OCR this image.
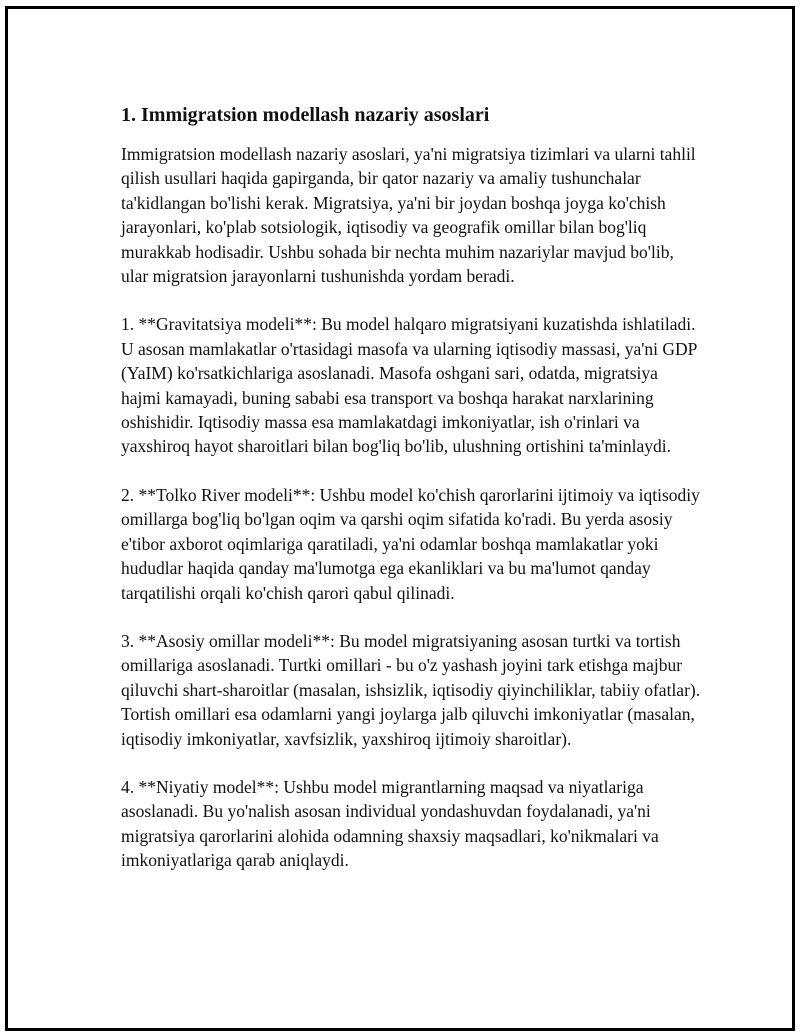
1. Immigratsion modellash nazariy asoslari

Immigratsion modellash nazariy asoslari, ya'ni migratsiya tizimlari va ularni tahlil qilish usullari haqida gapirganda, bir qator nazariy va amaliy tushunchalar ta'kidlangan bo'lishi kerak. Migratsiya, ya'ni bir joydan boshqa joyga ko'chish jarayonlari, ko'plab sotsiologik, iqtisodiy va geografik omillar bilan bog'liq murakkab hodisadir. Ushbu sohada bir nechta muhim nazariylar mavjud bo'lib, ular migratsion jarayonlarni tushunishda yordam beradi.

1. **Gravitatsiya modeli**: Bu model halqaro migratsiyani kuzatishda ishlatiladi. U asosan mamlakatlar o'rtasidagi masofa va ularning iqtisodiy massasi, ya'ni GDP (YaIM) ko'rsatkichlariga asoslanadi. Masofa oshgani sari, odatda, migratsiya hajmi kamayadi, buning sababi esa transport va boshqa harakat narxlarining oshishidir. Iqtisodiy massa esa mamlakatdagi imkoniyatlar, ish o'rinlari va yaxshiroq hayot sharoitlari bilan bog'liq bo'lib, ulushning ortishini ta'minlaydi.

2. **Tolko River modeli**: Ushbu model ko'chish qarorlarini ijtimoiy va iqtisodiy omillarga bog'liq bo'lgan oqim va qarshi oqim sifatida ko'radi. Bu yerda asosiy e'tibor axborot oqimlariga qaratiladi, ya'ni odamlar boshqa mamlakatlar yoki hududlar haqida qanday ma'lumotga ega ekanliklari va bu ma'lumot qanday tarqatilishi orqali ko'chish qarori qabul qilinadi.

3. **Asosiy omillar modeli**: Bu model migratsiyaning asosan turtki va tortish omillariga asoslanadi. Turtki omillari - bu o'z yashash joyini tark etishga majbur qiluvchi shart-sharoitlar (masalan, ishsizlik, iqtisodiy qiyinchiliklar, tabiiy ofatlar). Tortish omillari esa odamlarni yangi joylarga jalb qiluvchi imkoniyatlar (masalan, iqtisodiy imkoniyatlar, xavfsizlik, yaxshiroq ijtimoiy sharoitlar).

4. **Niyatiy model**: Ushbu model migrantlarning maqsad va niyatlariga asoslanadi. Bu yo'nalish asosan individual yondashuvdan foydalanadi, ya'ni migratsiya qarorlarini alohida odamning shaxsiy maqsadlari, ko'nikmalari va imkoniyatlariga qarab aniqlaydi.
